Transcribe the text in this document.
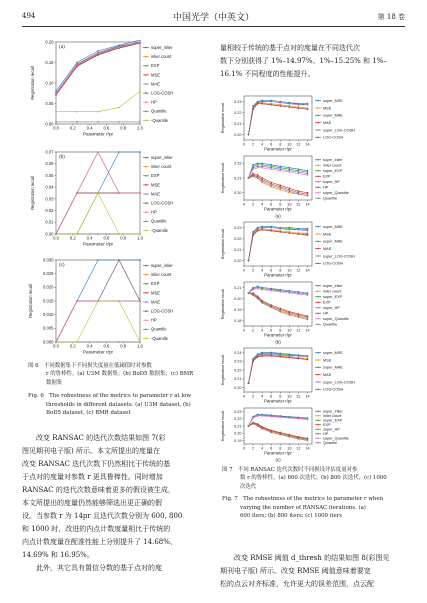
494	中国光学（中英文）	第 18 卷
0.00
0.05
0.10
0.15
0.20
0.0	0.2	0.4	0.6	0.8	1.0
Registration recall
Parameter r/pr
(a)	super_inlier
inlier count
EXP
MSE
MAE
LOG-COSH
HP
Quantile
-Quantile
0.00
0.01
0.02
0.03
0.04
0.05
0.06
0.07
0.0	0.2	0.4	0.6	0.8	1.0
Registration recall
Parameter r/pr
(b)	super_inlier
inlier count
EXP
MSE
MAE
LOG-COSH
HP
Quantile
-Quantile
0.000
0.005
0.010
0.015
0.020
0.025
0.030
0.0	0.2	0.4	0.6	0.8	1.0
Registration recall
Parameter r/pr
(c)	super_inlier
inlier count
EXP
MSE
MAE
LOG-COSH
HP
Quantile
-Quantile

图 6　不同数据集下不同损失度量在低阈值时对参数

r 的鲁棒性。(a) U3M 数据集；(b) BoD5 数据集；(c) BMR

数据集

Fig. 6　The robustness of the metrics to parameter r at low

thresholds in different datasets. (a) U3M dataset, (b)

BoD5 dataset, (c) BMR dataset

改变 RANSAC 的迭代次数结果如图 7(彩

图见期刊电子版) 所示。本文所提出的度量在

改变 RANSAC 迭代次数下仍然相比于传统的基

于点对的度量对参数 r 更具鲁棒性。同时增加

RANSAC 的迭代次数意味着更多的假设被生成，

本文所提出的度量仍然能够筛选出更正确的假

设。当参数 r 为 14pr 且迭代次数分别为 600, 800

和 1000 时，改进的内点计数度量相比于传统的

内点计数度量在配准性能上分别提升了 14.68%、

14.69% 和 16.95%。

此外，其它具有置信分数的基于点对的度

量相较于传统的基于点对的度量在不同迭代次

数下分别获得了 1%–14.97%、1%–15.25% 和 1%–

16.1% 不同程度的性能提升。

0.20
0.21
0.22
0.23
0 2 4 6 8 10 12 14
Registration recall
Parameter r/pr
super_MSE
MSE
super_MAE
MAE
super_LOG-COSH
LOG-COSH
0.20
0.21
0.22
0 2 4 6 8 10 12 14
Registration recall
Parameter r/pr
(a)
super_inlier
inlier count
super_EXP
EXP
super_HP
HP
super_Quantile
Quantile
0.20
0.21
0.22
0.23
0 2 4 6 8 10 12 14
Registration recall
Parameter r/pr
super_MSE
MSE
super_MAE
MAE
super_LOG-COSH
LOG-COSH
0.18
0.19
0.20
0.21
0 2 4 6 8 10 12 14
Registration recall
Parameter r/pr
(b)
super_inlier
inlier count
super_EXP
EXP
super_HP
HP
super_Quantile
Quantile
0.20
0.21
0.22
0.23
0.24
0 2 4 6 8 10 12 14
Registration recall
Parameter r/pr
super_MSE
MSE
super_MAE
MAE
super_LOG-COSH
LOG-COSH
0.19
0.20
0.21
0.22
0.23
0 2 4 6 8 10 12 14
Registration recall
Parameter r/pr
(c)
super_inlier
inlier count
super_EXP
EXP
super_HP
HP
super_Quantile
Quantile

图 7　不同 RANSAC 迭代次数时不同损设评估度量对参

数 r 的鲁棒性。(a) 600 次迭代；(b) 800 次迭代；(c) 1000

次迭代

Fig. 7　The robustness of the metrics to parameter r when

varying the number of RANSAC iterations. (a)

600 iters; (b) 800 iters; (c) 1000 iters

改变 RMSE 阈值 d_thresh 的结果如图 8(彩图见

期刊电子版) 所示。改变 RMSE 阈值意味着要宽

松的点云对齐标准，允许更大的误差范围，点云配
